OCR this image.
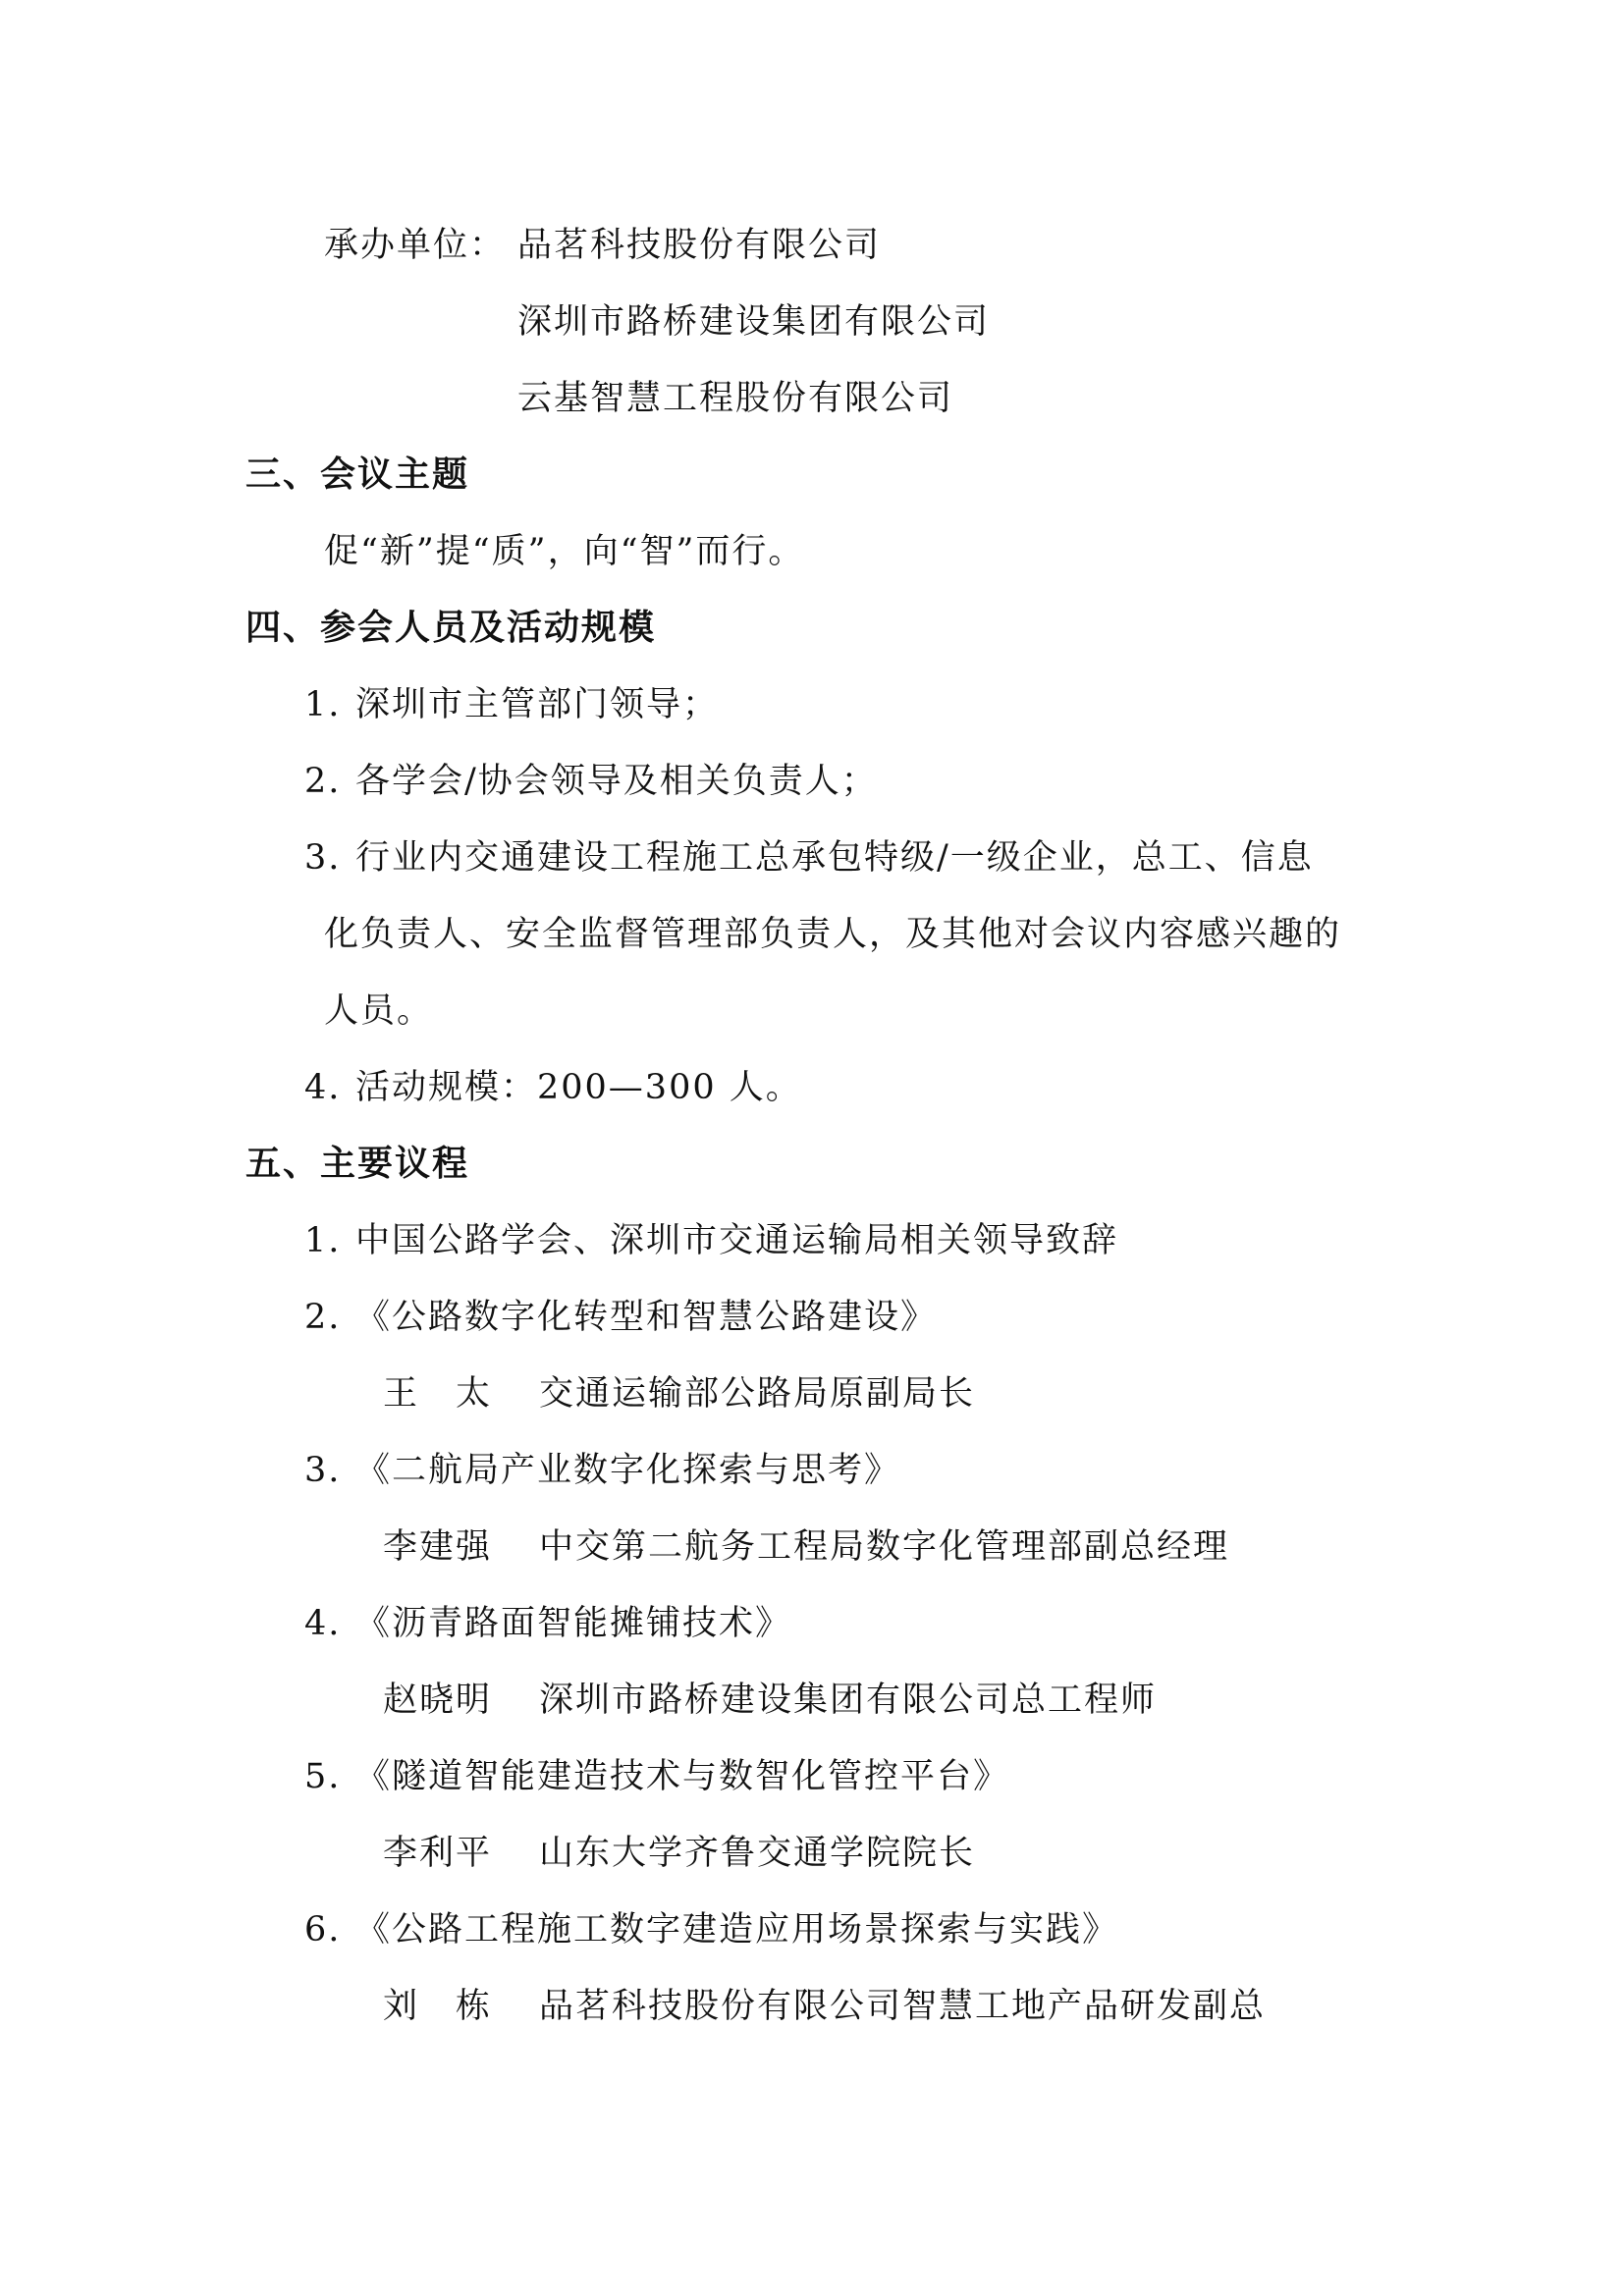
承办单位： 品茗科技股份有限公司
深圳市路桥建设集团有限公司
云基智慧工程股份有限公司
三、会议主题
促“新”提“质”，向“智”而行。
四、参会人员及活动规模
1. 深圳市主管部门领导；
2. 各学会/协会领导及相关负责人；
3. 行业内交通建设工程施工总承包特级/一级企业，总工、信息
化负责人、安全监督管理部负责人，及其他对会议内容感兴趣的
人员。
4. 活动规模：200—300 人。
五、主要议程
1. 中国公路学会、深圳市交通运输局相关领导致辞
2. 《公路数字化转型和智慧公路建设》
王　太 交通运输部公路局原副局长
3. 《二航局产业数字化探索与思考》
李建强 中交第二航务工程局数字化管理部副总经理
4. 《沥青路面智能摊铺技术》
赵晓明 深圳市路桥建设集团有限公司总工程师
5. 《隧道智能建造技术与数智化管控平台》
李利平 山东大学齐鲁交通学院院长
6. 《公路工程施工数字建造应用场景探索与实践》
刘　栋 品茗科技股份有限公司智慧工地产品研发副总
